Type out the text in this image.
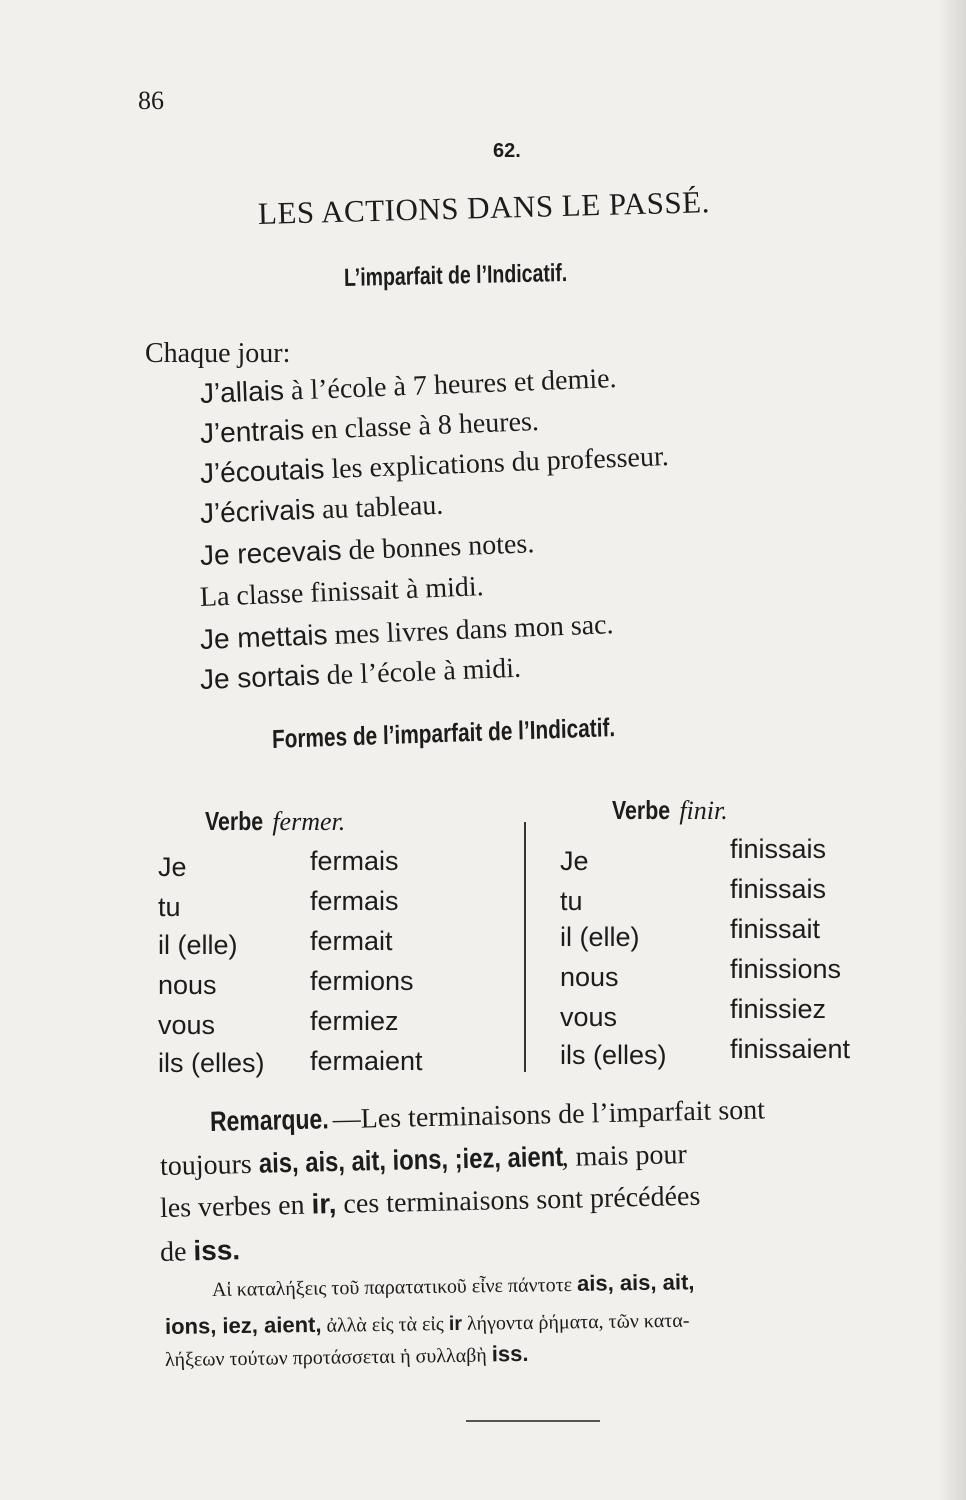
86
62.
LES ACTIONS DANS LE PASSÉ.
L’imparfait de l’Indicatif.
Chaque jour:
J’allais à l’école à 7 heures et demie.
J’entrais en classe à 8 heures.
J’écoutais les explications du professeur.
J’écrivais au tableau.
Je recevais de bonnes notes.
La classe finissait à midi.
Je mettais mes livres dans mon sac.
Je sortais de l’école à midi.
Formes de l’imparfait de l’Indicatif.
Verbe fermer.	Verbe finir.
Je
tu
il (elle)
nous
vous
ils (elles)
fermais
fermais
fermait
fermions
fermiez
fermaient
Je
tu
il (elle)
nous
vous
ils (elles)
finissais
finissais
finissait
finissions
finissiez
finissaient
Remarque. —Les terminaisons de l’imparfait sont
toujours ais, ais, ait, ions, ;iez, aient, mais pour
les verbes en ir, ces terminaisons sont précédées
de iss.
Αἱ καταλήξεις τοῦ παρατατικοῦ εἶνε πάντοτε ais, ais, ait,
ions, iez, aient, ἀλλὰ εἰς τὰ εἰς ir λήγοντα ῥήματα, τῶν κατα-
λήξεων τούτων προτάσσεται ἡ συλλαβὴ iss.
